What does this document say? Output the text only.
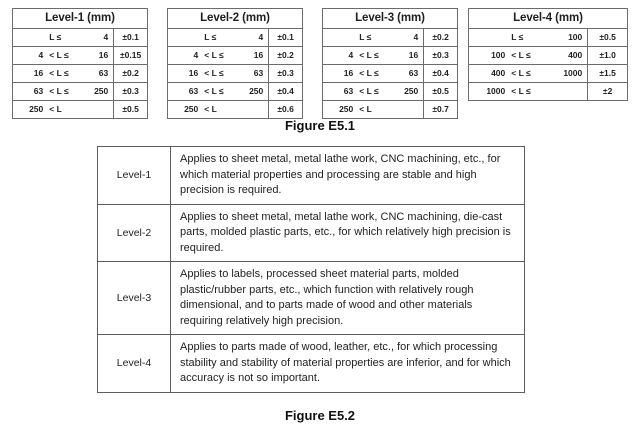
Level-1 (mm)			
	L ≤	4	±0.1
4	< L ≤	16	±0.15
16	< L ≤	63	±0.2
63	< L ≤	250	±0.3
250	< L		±0.5
Level-2 (mm)			
	L ≤	4	±0.1
4	< L ≤	16	±0.2
16	< L ≤	63	±0.3
63	< L ≤	250	±0.4
250	< L		±0.6
Level-3 (mm)			
	L ≤	4	±0.2
4	< L ≤	16	±0.3
16	< L ≤	63	±0.4
63	< L ≤	250	±0.5
250	< L		±0.7
Level-4 (mm)			
	L ≤	100	±0.5
100	< L ≤	400	±1.0
400	< L ≤	1000	±1.5
1000	< L ≤		±2
Figure E5.1
Level-1	Applies to sheet metal, metal lathe work, CNC machining, etc., for which material properties and processing are stable and high precision is required.
Level-2	Applies to sheet metal, metal lathe work, CNC machining, die-cast parts, molded plastic parts, etc., for which relatively high precision is required.
Level-3	Applies to labels, processed sheet material parts, molded plastic/rubber parts, etc., which function with relatively rough dimensional, and to parts made of wood and other materials requiring relatively high precision.
Level-4	Applies to parts made of wood, leather, etc., for which processing stability and stability of material properties are inferior, and for which accuracy is not so important.
Figure E5.2
